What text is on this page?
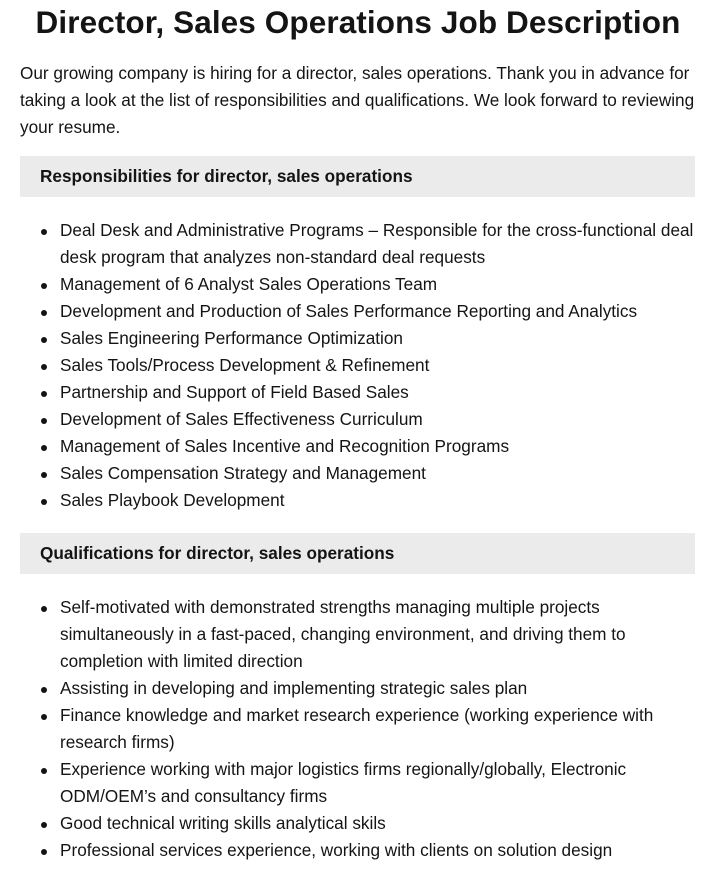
Director, Sales Operations Job Description

Our growing company is hiring for a director, sales operations. Thank you in advance for taking a look at the list of responsibilities and qualifications. We look forward to reviewing your resume.

Responsibilities for director, sales operations
Deal Desk and Administrative Programs – Responsible for the cross-functional deal desk program that analyzes non-standard deal requests
Management of 6 Analyst Sales Operations Team
Development and Production of Sales Performance Reporting and Analytics
Sales Engineering Performance Optimization
Sales Tools/Process Development & Refinement
Partnership and Support of Field Based Sales
Development of Sales Effectiveness Curriculum
Management of Sales Incentive and Recognition Programs
Sales Compensation Strategy and Management
Sales Playbook Development
Qualifications for director, sales operations
Self-motivated with demonstrated strengths managing multiple projects simultaneously in a fast-paced, changing environment, and driving them to completion with limited direction
Assisting in developing and implementing strategic sales plan
Finance knowledge and market research experience (working experience with research firms)
Experience working with major logistics firms regionally/globally, Electronic ODM/OEM’s and consultancy firms
Good technical writing skills analytical skils
Professional services experience, working with clients on solution design
